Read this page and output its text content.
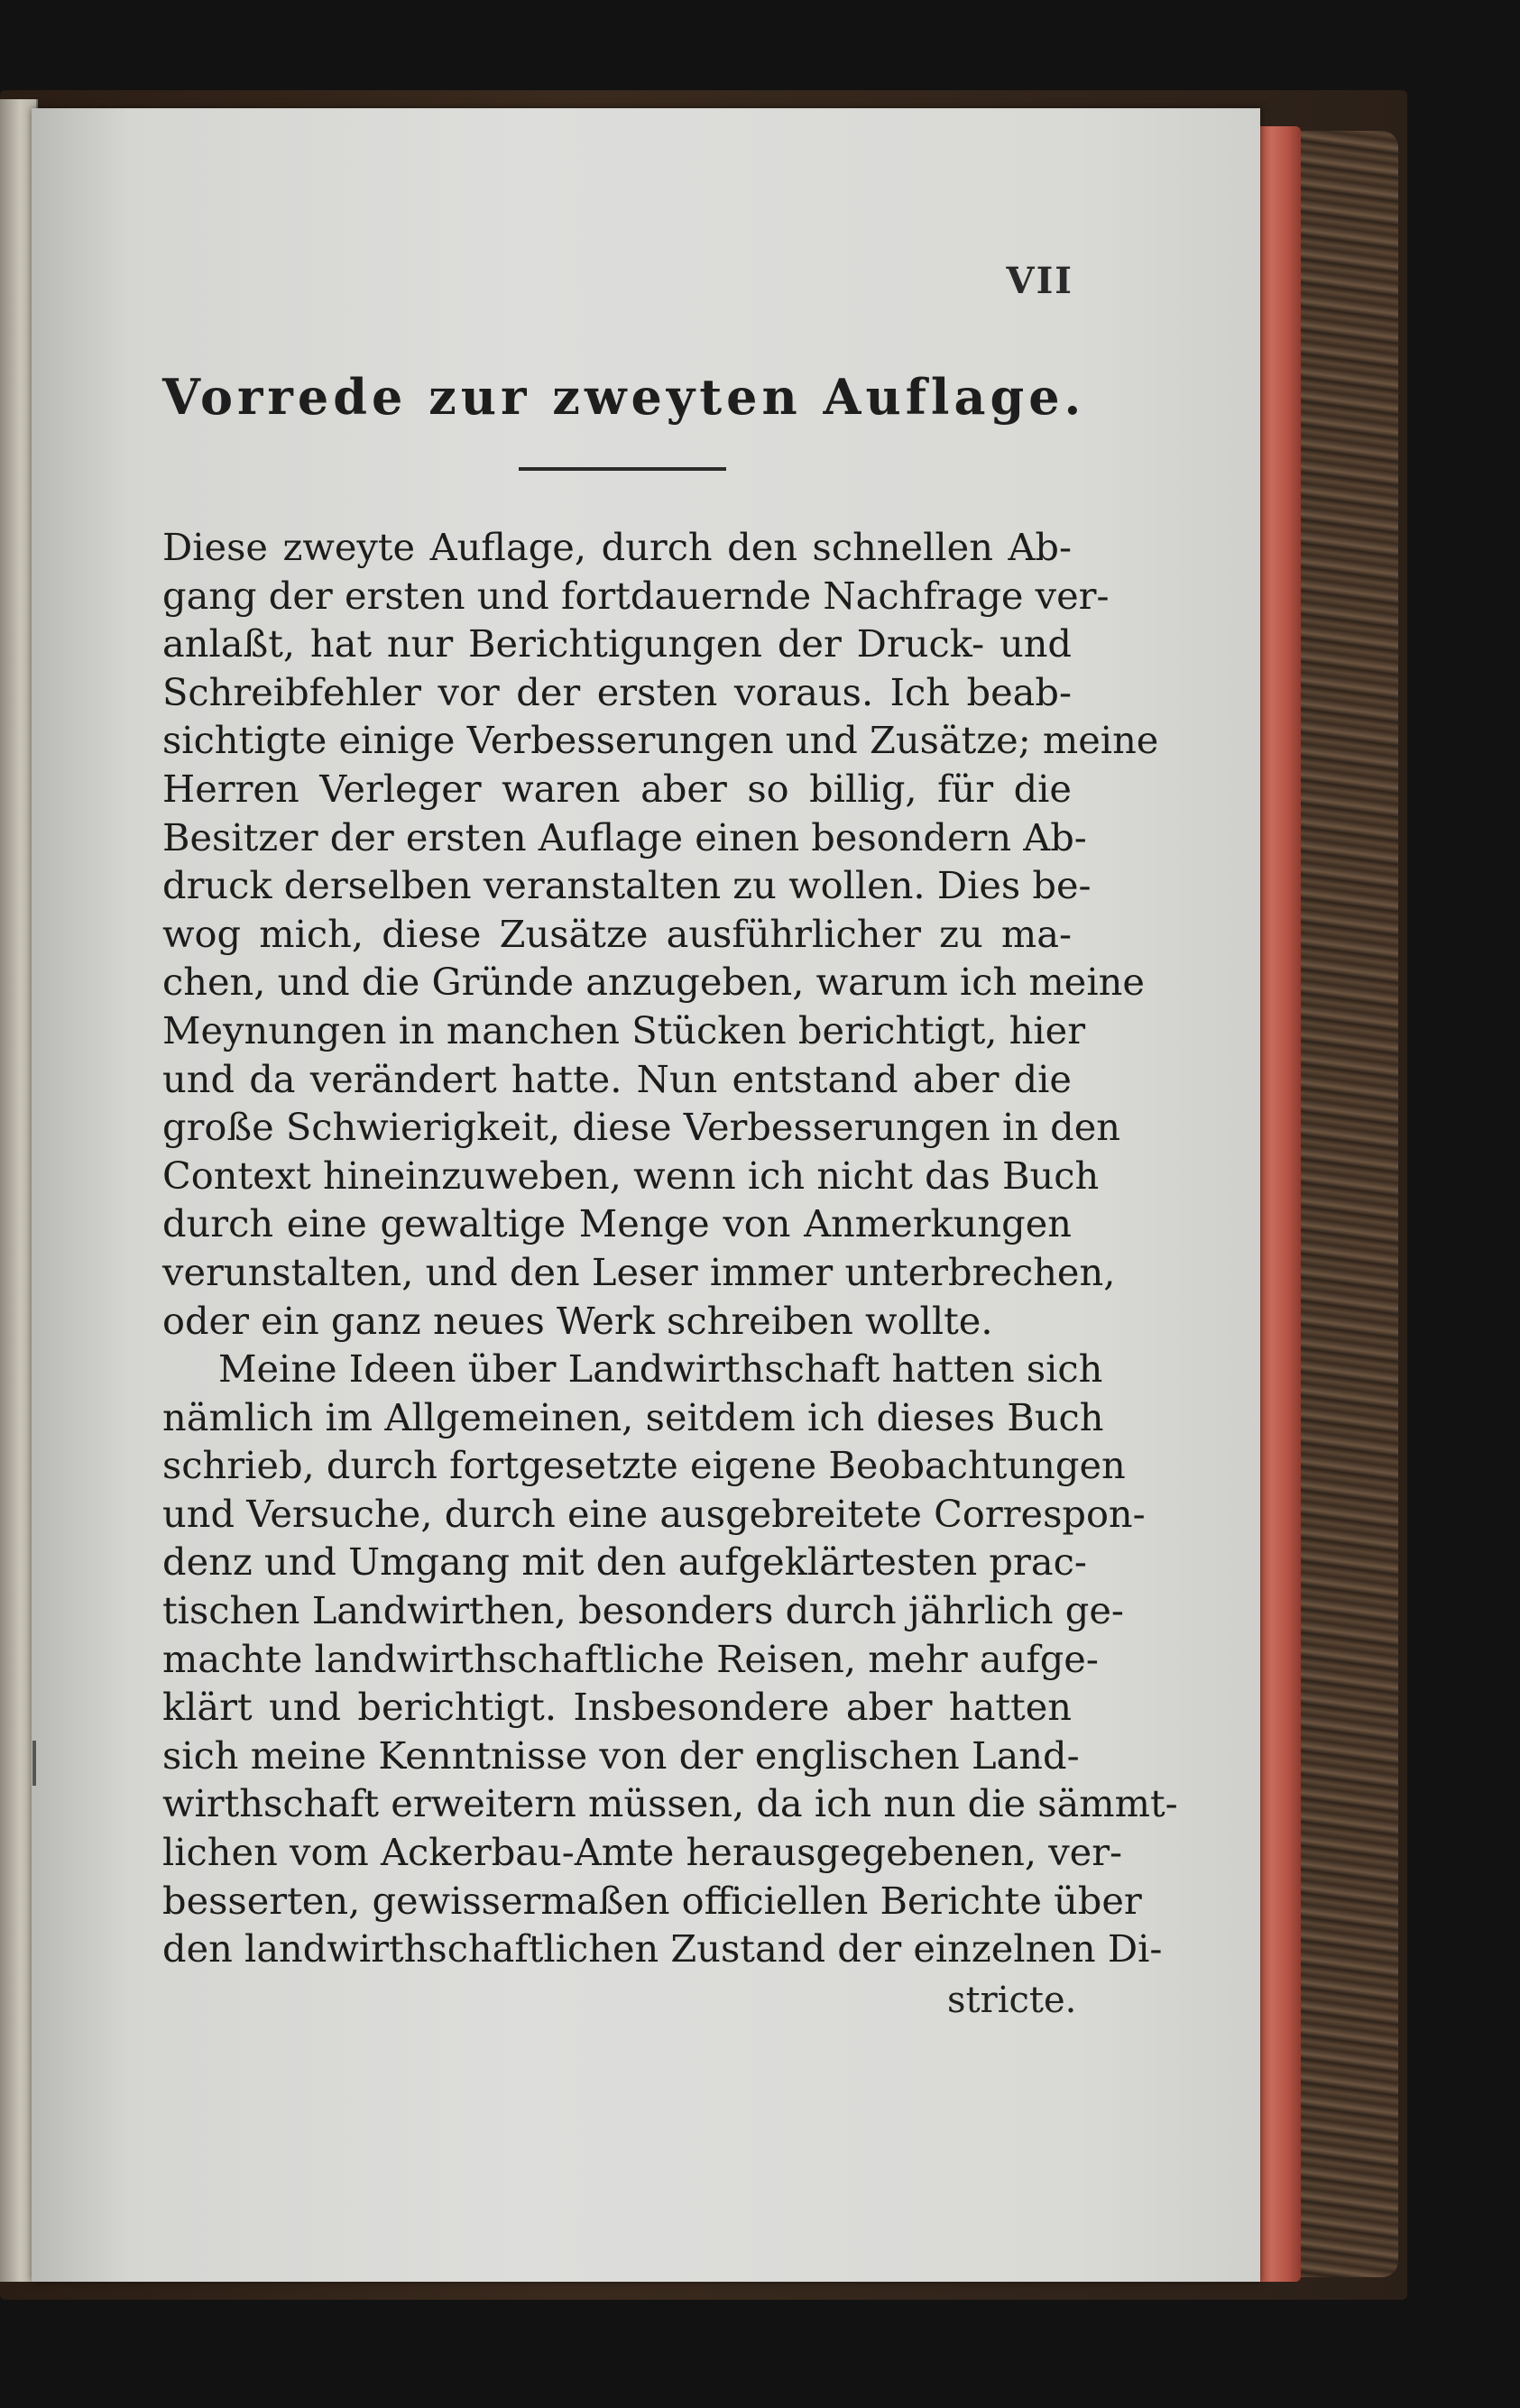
VII
Vorrede zur zweyten Auflage.
Diese zweyte Auflage, durch den schnellen Ab-
gang der ersten und fortdauernde Nachfrage ver-
anlaßt, hat nur Berichtigungen der Druck- und
Schreibfehler vor der ersten voraus. Ich beab-
sichtigte einige Verbesserungen und Zusätze; meine
Herren Verleger waren aber so billig, für die
Besitzer der ersten Auflage einen besondern Ab-
druck derselben veranstalten zu wollen. Dies be-
wog mich, diese Zusätze ausführlicher zu ma-
chen, und die Gründe anzugeben, warum ich meine
Meynungen in manchen Stücken berichtigt, hier
und da verändert hatte. Nun entstand aber die
große Schwierigkeit, diese Verbesserungen in den
Context hineinzuweben, wenn ich nicht das Buch
durch eine gewaltige Menge von Anmerkungen
verunstalten, und den Leser immer unterbrechen,
oder ein ganz neues Werk schreiben wollte.
Meine Ideen über Landwirthschaft hatten sich
nämlich im Allgemeinen, seitdem ich dieses Buch
schrieb, durch fortgesetzte eigene Beobachtungen
und Versuche, durch eine ausgebreitete Correspon-
denz und Umgang mit den aufgeklärtesten prac-
tischen Landwirthen, besonders durch jährlich ge-
machte landwirthschaftliche Reisen, mehr aufge-
klärt und berichtigt. Insbesondere aber hatten
sich meine Kenntnisse von der englischen Land-
wirthschaft erweitern müssen, da ich nun die sämmt-
lichen vom Ackerbau-Amte herausgegebenen, ver-
besserten, gewissermaßen officiellen Berichte über
den landwirthschaftlichen Zustand der einzelnen Di-
stricte.
